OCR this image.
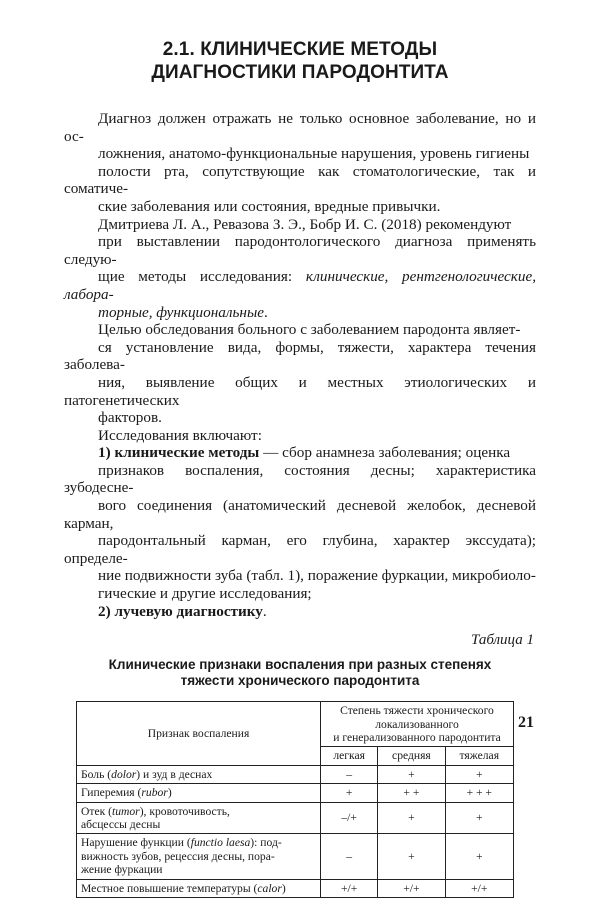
2.1. КЛИНИЧЕСКИЕ МЕТОДЫ
ДИАГНОСТИКИ ПАРОДОНТИТА

Диагноз должен отражать не только основное заболевание, но и ос-
ложнения, анатомо-функциональные нарушения, уровень гигиены
полости рта, сопутствующие как стоматологические, так и соматиче-
ские заболевания или состояния, вредные привычки.

Дмитриева Л. А., Ревазова З. Э., Бобр И. С. (2018) рекомендуют
при выставлении пародонтологического диагноза применять следую-
щие методы исследования: клинические, рентгенологические, лабора-
торные, функциональные.

Целью обследования больного с заболеванием пародонта являет-
ся установление вида, формы, тяжести, характера течения заболева-
ния, выявление общих и местных этиологических и патогенетических
факторов.

Исследования включают:

1) клинические методы — сбор анамнеза заболевания; оценка
признаков воспаления, состояния десны; характеристика зубодесне-
вого соединения (анатомический десневой желобок, десневой карман,
пародонтальный карман, его глубина, характер экссудата); определе-
ние подвижности зуба (табл. 1), поражение фуркации, микробиоло-
гические и другие исследования;

2) лучевую диагностику.

Таблица 1
Клинические признаки воспаления при разных степенях
тяжести хронического пародонтита
Признак воспаления	Степень тяжести хронического
локализованного
и генерализованного пародонтита		

	легкая	средняя	тяжелая
Боль (dolor) и зуд в деснах	–	+	+
Гиперемия (rubor)	+	+ +	+ + +
Отек (tumor), кровоточивость,
абсцессы десны	–/+	+	+
Нарушение функции (functio laesa): под-
вижность зубов, рецессия десны, пора-
жение фуркации	–	+	+
Местное повышение температуры (calor)	+/+	+/+	+/+
21
